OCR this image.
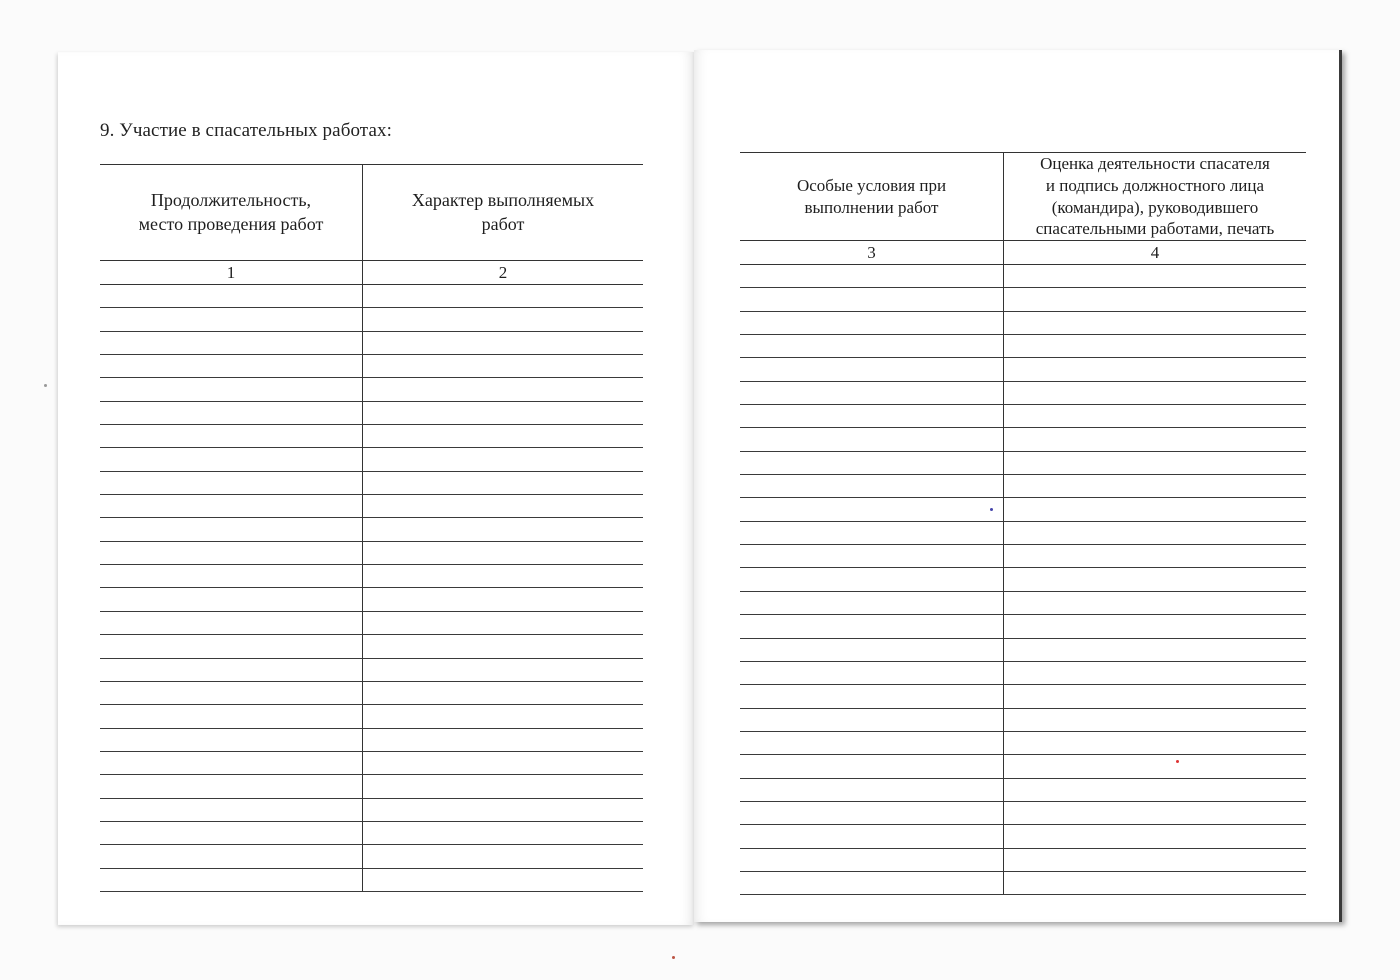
9. Участие в спасательных работах:
Продолжительность,
место проведения работ
Характер выполняемых
работ
1	2
Особые условия при
выполнении работ
Оценка деятельности спасателя
и подпись должностного лица
(командира), руководившего
спасательными работами, печать
3	4
